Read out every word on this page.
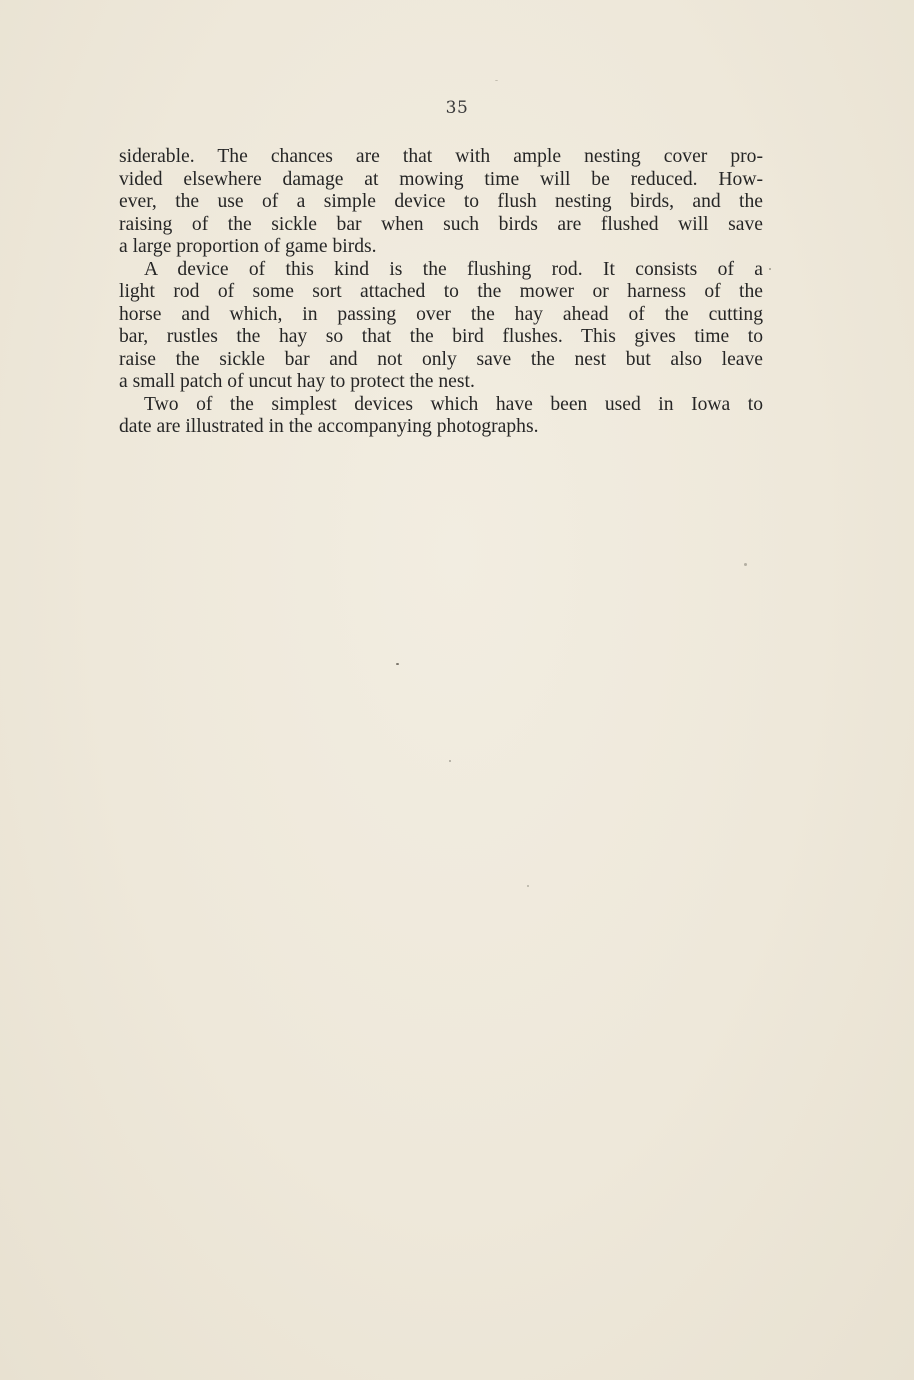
35
siderable. The chances are that with ample nesting cover pro-
vided elsewhere damage at mowing time will be reduced. How-
ever, the use of a simple device to flush nesting birds, and the
raising of the sickle bar when such birds are flushed will save
a large proportion of game birds.
A device of this kind is the flushing rod. It consists of a
light rod of some sort attached to the mower or harness of the
horse and which, in passing over the hay ahead of the cutting
bar, rustles the hay so that the bird flushes. This gives time to
raise the sickle bar and not only save the nest but also leave
a small patch of uncut hay to protect the nest.
Two of the simplest devices which have been used in Iowa to
date are illustrated in the accompanying photographs.
